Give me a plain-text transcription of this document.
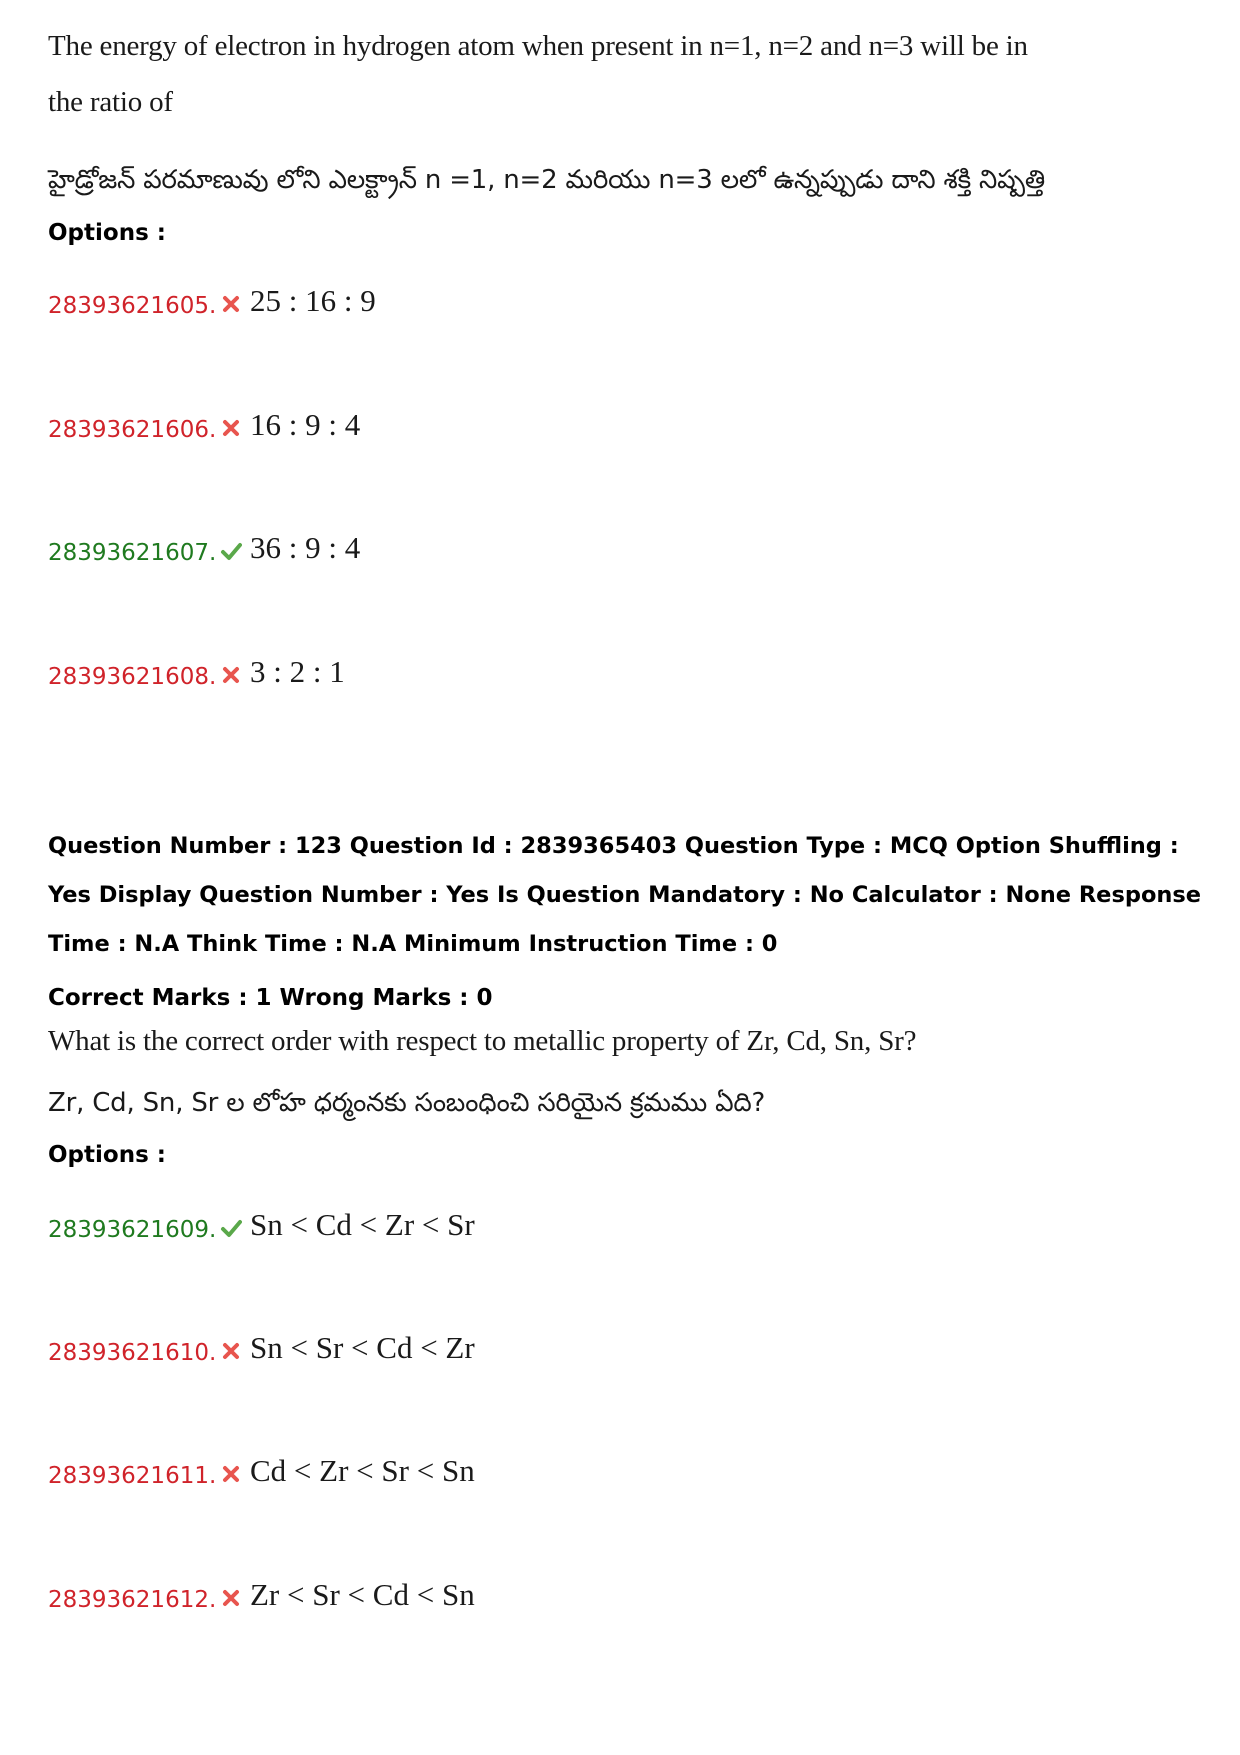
The energy of electron in hydrogen atom when present in n=1, n=2 and n=3 will be in
the ratio of
హైడ్రోజన్ పరమాణువు లోని ఎలక్ట్రాన్ n =1, n=2 మరియు n=3 లలో ఉన్నప్పుడు దాని శక్తి నిష్పత్తి
Options :
28393621605. 25 : 16 : 9
28393621606. 16 : 9 : 4
28393621607. 36 : 9 : 4
28393621608. 3 : 2 : 1
Question Number : 123 Question Id : 2839365403 Question Type : MCQ Option Shuffling : Yes Display Question Number : Yes Is Question Mandatory : No Calculator : None Response Time : N.A Think Time : N.A Minimum Instruction Time : 0
Correct Marks : 1 Wrong Marks : 0
What is the correct order with respect to metallic property of Zr, Cd, Sn, Sr?
Zr, Cd, Sn, Sr ల లోహ ధర్మంనకు సంబంధించి సరియైన క్రమము ఏది?
Options :
28393621609. Sn < Cd < Zr < Sr
28393621610. Sn < Sr < Cd < Zr
28393621611. Cd < Zr < Sr < Sn
28393621612. Zr < Sr < Cd < Sn
